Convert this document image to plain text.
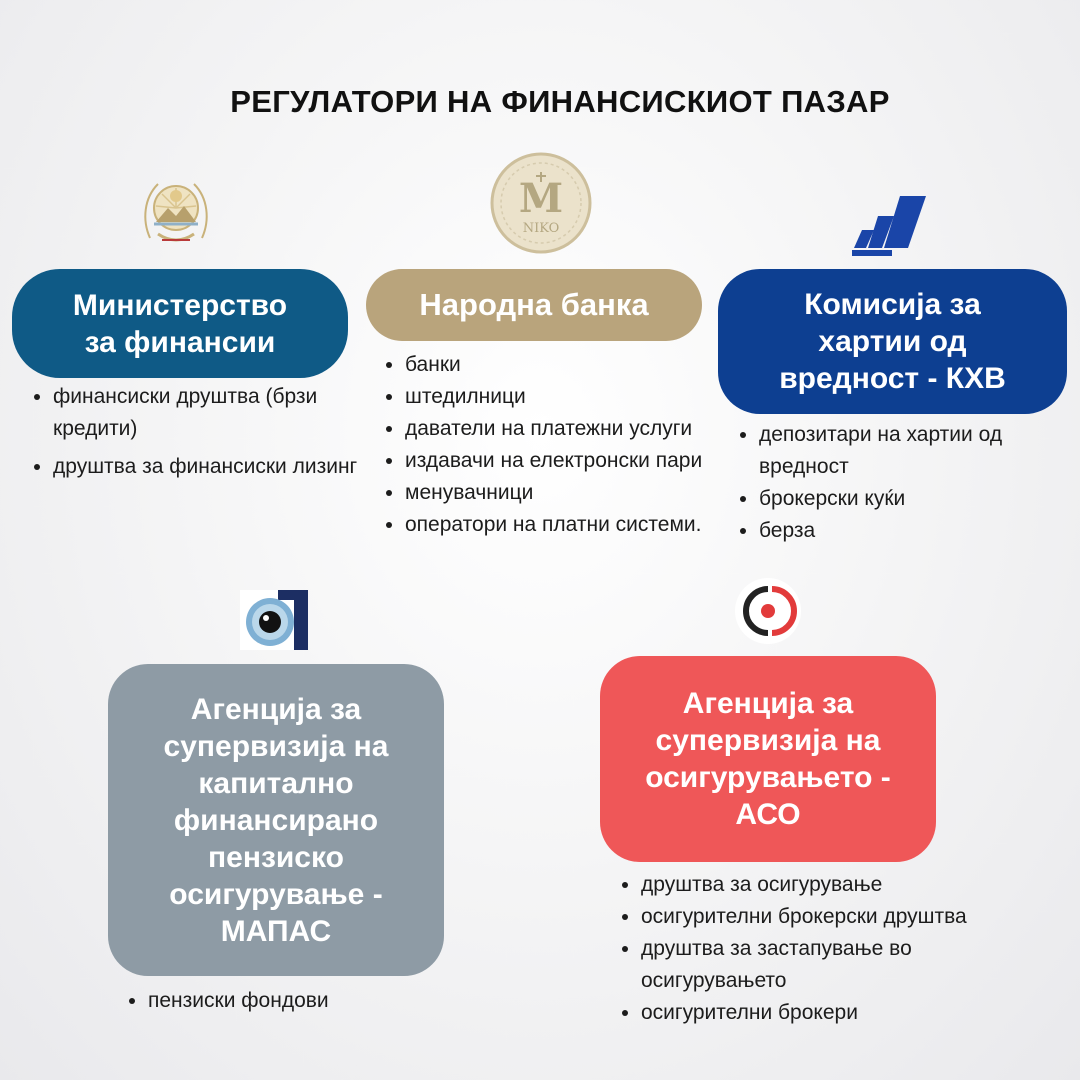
РЕГУЛАТОРИ НА ФИНАНСИСКИОТ ПАЗАР
M
NIKO
Министерство
за финансии
Народна банка	Комисија за
хартии од
вредност - КХВ
Агенција за
супервизија на
капитално
финансирано
пензиско
осигурување -
МАПАС
Агенција за
супервизија на
осигурувањето -
АСО
• финансиски друштва (брзи кредити)
• друштва за финансиски лизинг
• банки
• штедилници
• даватели на платежни услуги
• издавачи на електронски пари
• менувачници
• оператори на платни системи.
• депозитари на хартии од вредност
• брокерски куќи
• берза
• пензиски фондови
• друштва за осигурување
• осигурителни брокерски друштва
• друштва за застапување во осигурувањето
• осигурителни брокери
